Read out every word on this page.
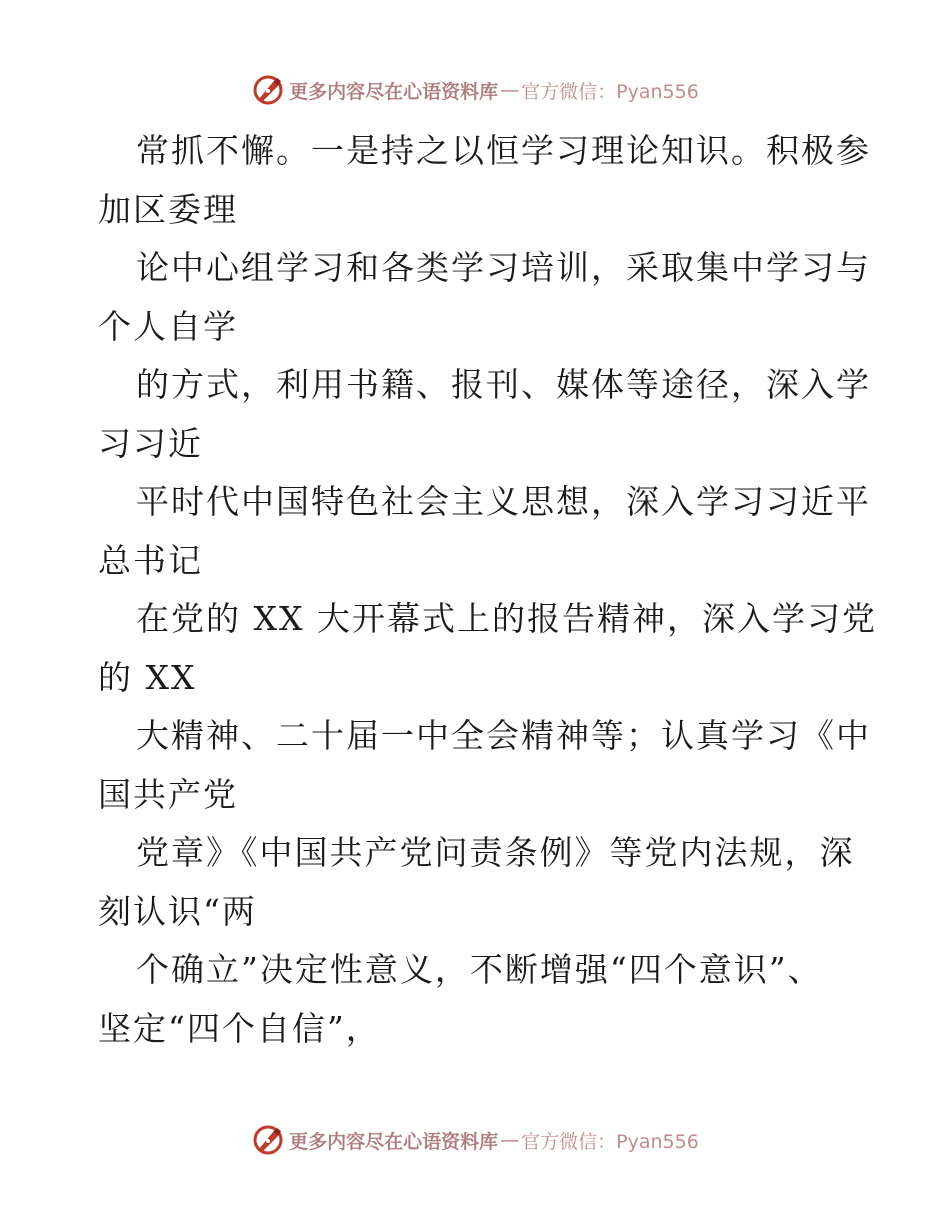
更多内容尽在心语资料库 — 官方微信：Pyan556
常抓不懈。一是持之以恒学习理论知识。积极参
加区委理
论中心组学习和各类学习培训，采取集中学习与
个人自学
的方式，利用书籍、报刊、媒体等途径，深入学
习习近
平时代中国特色社会主义思想，深入学习习近平
总书记
在党的 XX 大开幕式上的报告精神，深入学习党
的 XX
大精神、二十届一中全会精神等；认真学习《中
国共产党
党章》《中国共产党问责条例》等党内法规，深
刻认识“两
个确立”决定性意义，不断增强“四个意识”、
坚定“四个自信”，
更多内容尽在心语资料库 — 官方微信：Pyan556
